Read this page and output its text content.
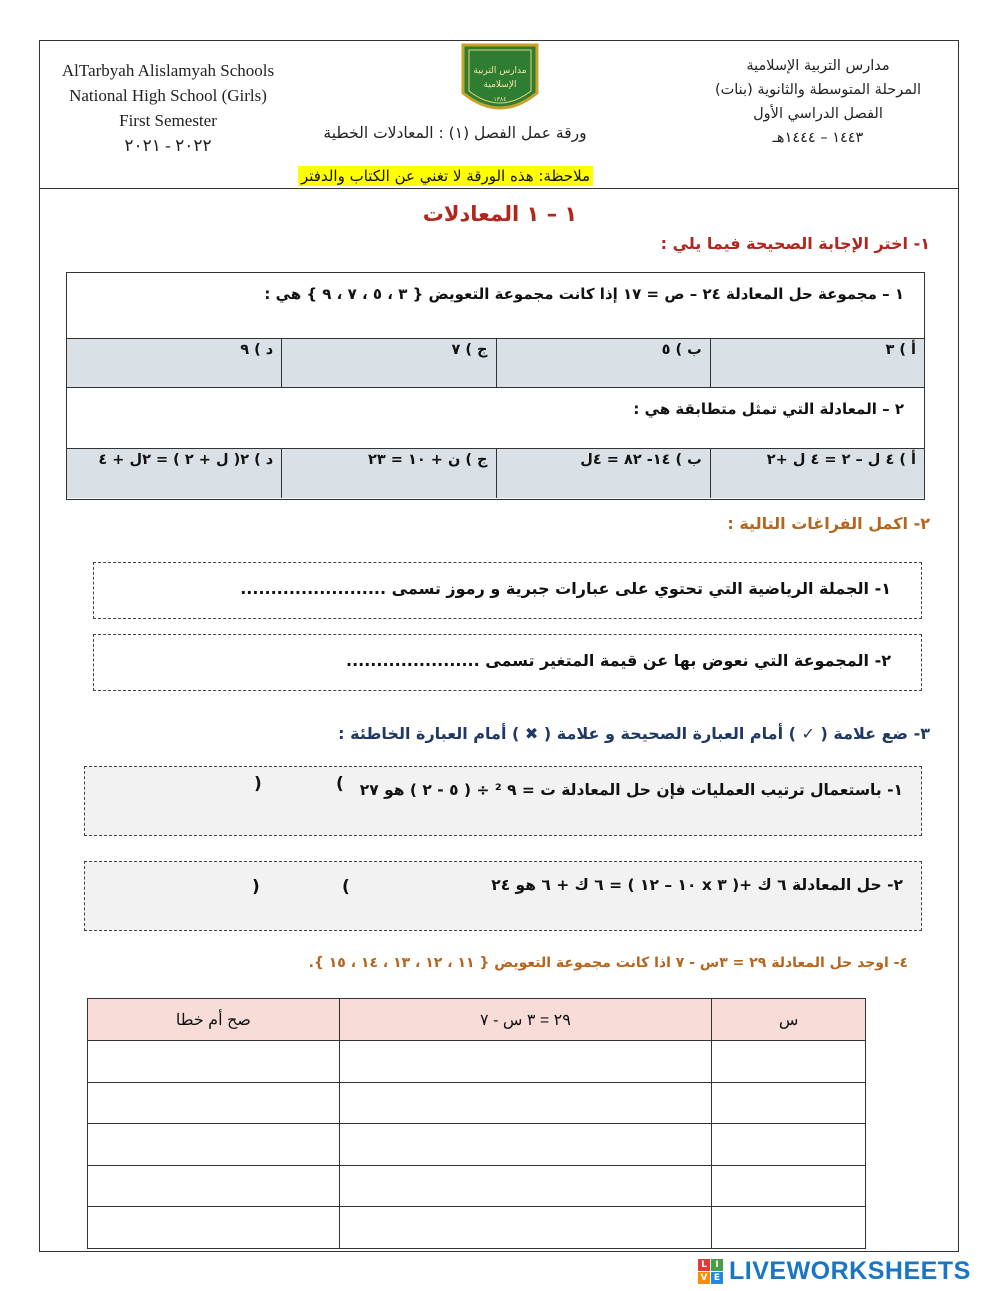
AlTarbyah Alislamyah Schools
National High School (Girls)
First Semester
٢٠٢٢ - ٢٠٢١
مدارس التربية
الإسلامية
١٣٨٤
مدارس التربية الإسلامية
المرحلة المتوسطة والثانوية (بنات)
الفصل الدراسي الأول
١٤٤٣ – ١٤٤٤هـ
ورقة عمل الفصل (١) : المعادلات الخطية
ملاحظة: هذه الورقة لا تغني عن الكتاب والدفتر
١ – ١ المعادلات
١- اختر الإجابة الصحيحة فيما يلي :
١ – مجموعة حل المعادلة ٢٤ – ص = ١٧ إذا كانت مجموعة التعويض { ٣ ، ٥ ، ٧ ، ٩ } هي :
أ ) ٣
ب ) ٥
ج ) ٧
د ) ٩
٢ – المعادلة التي تمثل متطابقة هي :
أ ) ٤ ل – ٢ = ٤ ل +٢
ب ) ١٤- ٨٢ = ٤ل
ج ) ن + ١٠ = ٢٣
د ) ٢( ل + ٢ ) = ٢ل + ٤
٢- اكمل الفراغات التالية :
١- الجملة الرياضية التي تحتوي على عبارات جبرية و رموز تسمى ........................
٢- المجموعة التي نعوض بها عن قيمة المتغير تسمى ......................
٣- ضع علامة ( ✓ ) أمام العبارة الصحيحة و علامة ( ✖ ) أمام العبارة الخاطئة :
١- باستعمال ترتيب العمليات فإن حل المعادلة ت = ٩ ² ÷ ( ٥ - ٢ ) هو ٢٧
)	(
٢- حل المعادلة ٦ ك +( ٣ x ١٠ – ١٢ ) = ٦ ك + ٦ هو ٢٤
)	(
٤- اوجد حل المعادلة ٢٩ = ٣س - ٧ اذا كانت مجموعة التعويض { ١١ ، ١٢ ، ١٣ ، ١٤ ، ١٥ }.
س	٢٩ = ٣ س - ٧	صح أم خطا

L I
V E LIVEWORKSHEETS
